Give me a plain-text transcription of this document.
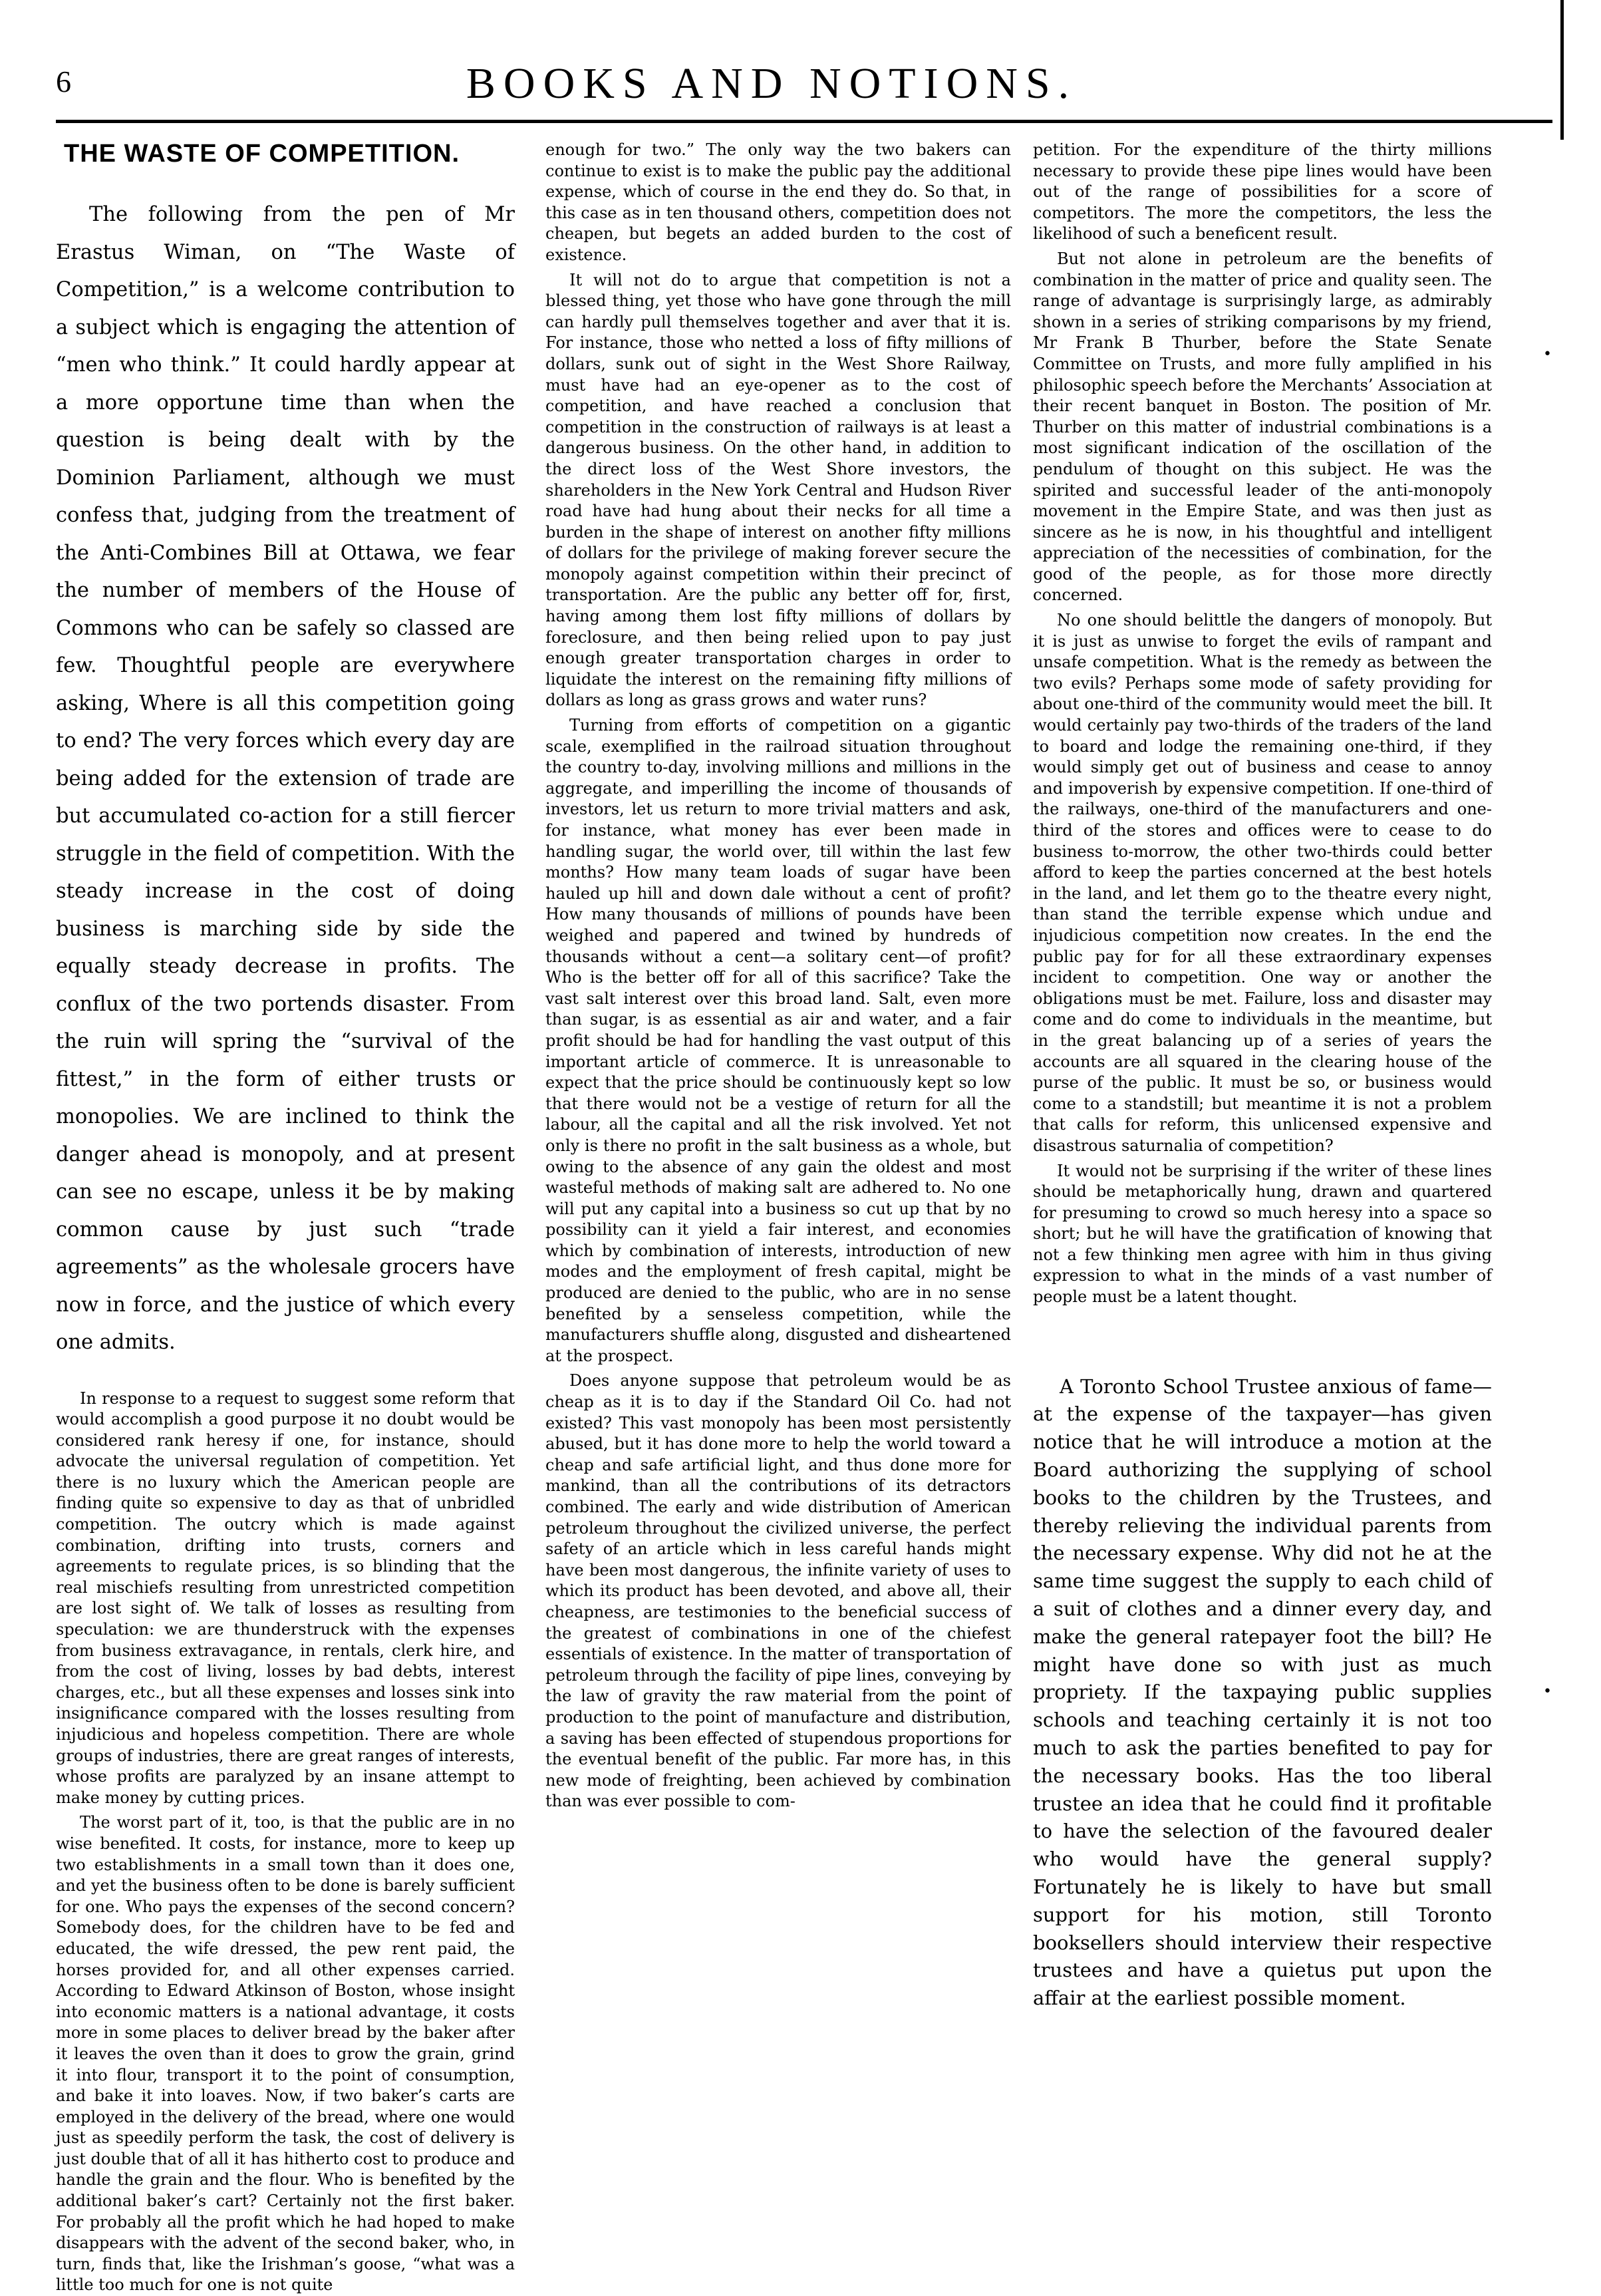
6	BOOKS AND NOTIONS.
•
•
THE WASTE OF COMPETITION.

The following from the pen of Mr Erastus Wiman, on “The Waste of Competition,” is a welcome contribution to a subject which is engaging the attention of “men who think.” It could hardly appear at a more opportune time than when the question is being dealt with by the Dominion Parliament, although we must confess that, judging from the treatment of the Anti-Combines Bill at Ottawa, we fear the number of members of the House of Commons who can be safely so classed are few. Thoughtful people are everywhere asking, Where is all this competition going to end? The very forces which every day are being added for the extension of trade are but accumulated co-action for a still fiercer struggle in the field of competition. With the steady increase in the cost of doing business is marching side by side the equally steady decrease in profits. The conflux of the two portends disaster. From the ruin will spring the “survival of the fittest,” in the form of either trusts or monopolies. We are inclined to think the danger ahead is monopoly, and at present can see no escape, unless it be by making common cause by just such “trade agreements” as the wholesale grocers have now in force, and the justice of which every one admits.

In response to a request to suggest some reform that would accomplish a good purpose it no doubt would be considered rank heresy if one, for instance, should advocate the universal regulation of competition. Yet there is no luxury which the American people are finding quite so expensive to day as that of unbridled competition. The outcry which is made against combination, drifting into trusts, corners and agreements to regulate prices, is so blinding that the real mischiefs resulting from unrestricted competition are lost sight of. We talk of losses as resulting from speculation: we are thunderstruck with the expenses from business extravagance, in rentals, clerk hire, and from the cost of living, losses by bad debts, interest charges, etc., but all these expenses and losses sink into insignificance compared with the losses resulting from injudicious and hopeless competition. There are whole groups of industries, there are great ranges of interests, whose profits are paralyzed by an insane attempt to make money by cutting prices.

The worst part of it, too, is that the public are in no wise benefited. It costs, for instance, more to keep up two establishments in a small town than it does one, and yet the business often to be done is barely sufficient for one. Who pays the expenses of the second concern? Somebody does, for the children have to be fed and educated, the wife dressed, the pew rent paid, the horses provided for, and all other expenses carried. According to Edward Atkinson of Boston, whose insight into economic matters is a national advantage, it costs more in some places to deliver bread by the baker after it leaves the oven than it does to grow the grain, grind it into flour, transport it to the point of consumption, and bake it into loaves. Now, if two baker’s carts are employed in the delivery of the bread, where one would just as speedily perform the task, the cost of delivery is just double that of all it has hitherto cost to produce and handle the grain and the flour. Who is benefited by the additional baker’s cart? Certainly not the first baker. For probably all the profit which he had hoped to make disappears with the advent of the second baker, who, in turn, finds that, like the Irishman’s goose, “what was a little too much for one is not quite

enough for two.” The only way the two bakers can continue to exist is to make the public pay the additional expense, which of course in the end they do. So that, in this case as in ten thousand others, competition does not cheapen, but begets an added burden to the cost of existence.

It will not do to argue that competition is not a blessed thing, yet those who have gone through the mill can hardly pull themselves together and aver that it is. For instance, those who netted a loss of fifty millions of dollars, sunk out of sight in the West Shore Railway, must have had an eye-opener as to the cost of competition, and have reached a conclusion that competition in the construction of railways is at least a dangerous business. On the other hand, in addition to the direct loss of the West Shore investors, the shareholders in the New York Central and Hudson River road have had hung about their necks for all time a burden in the shape of interest on another fifty millions of dollars for the privilege of making forever secure the monopoly against competition within their precinct of transportation. Are the public any better off for, first, having among them lost fifty millions of dollars by foreclosure, and then being relied upon to pay just enough greater transportation charges in order to liquidate the interest on the remaining fifty millions of dollars as long as grass grows and water runs?

Turning from efforts of competition on a gigantic scale, exemplified in the railroad situation throughout the country to-day, involving millions and millions in the aggregate, and imperilling the income of thousands of investors, let us return to more trivial matters and ask, for instance, what money has ever been made in handling sugar, the world over, till within the last few months? How many team loads of sugar have been hauled up hill and down dale without a cent of profit? How many thousands of millions of pounds have been weighed and papered and twined by hundreds of thousands without a cent—a solitary cent—of profit? Who is the better off for all of this sacrifice? Take the vast salt interest over this broad land. Salt, even more than sugar, is as essential as air and water, and a fair profit should be had for handling the vast output of this important article of commerce. It is unreasonable to expect that the price should be continuously kept so low that there would not be a vestige of return for all the labour, all the capital and all the risk involved. Yet not only is there no profit in the salt business as a whole, but owing to the absence of any gain the oldest and most wasteful methods of making salt are adhered to. No one will put any capital into a business so cut up that by no possibility can it yield a fair interest, and economies which by combination of interests, introduction of new modes and the employment of fresh capital, might be produced are denied to the public, who are in no sense benefited by a senseless competition, while the manufacturers shuffle along, disgusted and disheartened at the prospect.

Does anyone suppose that petroleum would be as cheap as it is to day if the Standard Oil Co. had not existed? This vast monopoly has been most persistently abused, but it has done more to help the world toward a cheap and safe artificial light, and thus done more for mankind, than all the contributions of its detractors combined. The early and wide distribution of American petroleum throughout the civilized universe, the perfect safety of an article which in less careful hands might have been most dangerous, the infinite variety of uses to which its product has been devoted, and above all, their cheapness, are testimonies to the beneficial success of the greatest of combinations in one of the chiefest essentials of existence. In the matter of transportation of petroleum through the facility of pipe lines, conveying by the law of gravity the raw material from the point of production to the point of manufacture and distribution, a saving has been effected of stupendous proportions for the eventual benefit of the public. Far more has, in this new mode of freighting, been achieved by combination than was ever possible to com-

petition. For the expenditure of the thirty millions necessary to provide these pipe lines would have been out of the range of possibilities for a score of competitors. The more the competitors, the less the likelihood of such a beneficent result.

But not alone in petroleum are the benefits of combination in the matter of price and quality seen. The range of advantage is surprisingly large, as admirably shown in a series of striking comparisons by my friend, Mr Frank B Thurber, before the State Senate Committee on Trusts, and more fully amplified in his philosophic speech before the Merchants’ Association at their recent banquet in Boston. The position of Mr. Thurber on this matter of industrial combinations is a most significant indication of the oscillation of the pendulum of thought on this subject. He was the spirited and successful leader of the anti-monopoly movement in the Empire State, and was then just as sincere as he is now, in his thoughtful and intelligent appreciation of the necessities of combination, for the good of the people, as for those more directly concerned.

No one should belittle the dangers of monopoly. But it is just as unwise to forget the evils of rampant and unsafe competition. What is the remedy as between the two evils? Perhaps some mode of safety providing for about one-third of the community would meet the bill. It would certainly pay two-thirds of the traders of the land to board and lodge the remaining one-third, if they would simply get out of business and cease to annoy and impoverish by expensive competition. If one-third of the railways, one-third of the manufacturers and one-third of the stores and offices were to cease to do business to-morrow, the other two-thirds could better afford to keep the parties concerned at the best hotels in the land, and let them go to the theatre every night, than stand the terrible expense which undue and injudicious competition now creates. In the end the public pay for for all these extraordinary expenses incident to competition. One way or another the obligations must be met. Failure, loss and disaster may come and do come to individuals in the meantime, but in the great balancing up of a series of years the accounts are all squared in the clearing house of the purse of the public. It must be so, or business would come to a standstill; but meantime it is not a problem that calls for reform, this unlicensed expensive and disastrous saturnalia of competition?

It would not be surprising if the writer of these lines should be metaphorically hung, drawn and quartered for presuming to crowd so much heresy into a space so short; but he will have the gratification of knowing that not a few thinking men agree with him in thus giving expression to what in the minds of a vast number of people must be a latent thought.

A Toronto School Trustee anxious of fame—at the expense of the taxpayer—has given notice that he will introduce a motion at the Board authorizing the supplying of school books to the children by the Trustees, and thereby relieving the individual parents from the necessary expense. Why did not he at the same time suggest the supply to each child of a suit of clothes and a dinner every day, and make the general ratepayer foot the bill? He might have done so with just as much propriety. If the taxpaying public supplies schools and teaching certainly it is not too much to ask the parties benefited to pay for the necessary books. Has the too liberal trustee an idea that he could find it profitable to have the selection of the favoured dealer who would have the general supply? Fortunately he is likely to have but small support for his motion, still Toronto booksellers should interview their respective trustees and have a quietus put upon the affair at the earliest possible moment.
